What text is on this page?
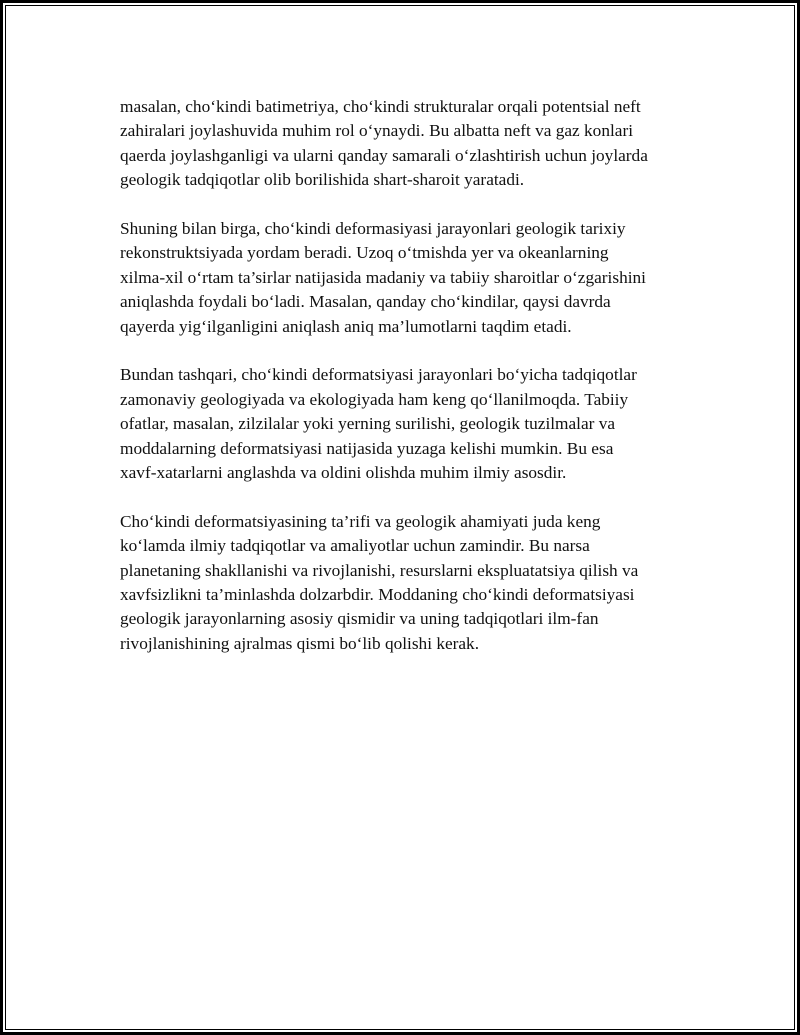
masalan, cho‘kindi batimetriya, cho‘kindi strukturalar orqali potentsial neft
zahiralari joylashuvida muhim rol o‘ynaydi. Bu albatta neft va gaz konlari
qaerda joylashganligi va ularni qanday samarali o‘zlashtirish uchun joylarda
geologik tadqiqotlar olib borilishida shart-sharoit yaratadi.

Shuning bilan birga, cho‘kindi deformasiyasi jarayonlari geologik tarixiy
rekonstruktsiyada yordam beradi. Uzoq o‘tmishda yer va okeanlarning
xilma-xil o‘rtam ta’sirlar natijasida madaniy va tabiiy sharoitlar o‘zgarishini
aniqlashda foydali bo‘ladi. Masalan, qanday cho‘kindilar, qaysi davrda
qayerda yig‘ilganligini aniqlash aniq ma’lumotlarni taqdim etadi.

Bundan tashqari, cho‘kindi deformatsiyasi jarayonlari bo‘yicha tadqiqotlar
zamonaviy geologiyada va ekologiyada ham keng qo‘llanilmoqda. Tabiiy
ofatlar, masalan, zilzilalar yoki yerning surilishi, geologik tuzilmalar va
moddalarning deformatsiyasi natijasida yuzaga kelishi mumkin. Bu esa
xavf-xatarlarni anglashda va oldini olishda muhim ilmiy asosdir.

Cho‘kindi deformatsiyasining ta’rifi va geologik ahamiyati juda keng
ko‘lamda ilmiy tadqiqotlar va amaliyotlar uchun zamindir. Bu narsa
planetaning shakllanishi va rivojlanishi, resurslarni ekspluatatsiya qilish va
xavfsizlikni ta’minlashda dolzarbdir. Moddaning cho‘kindi deformatsiyasi
geologik jarayonlarning asosiy qismidir va uning tadqiqotlari ilm-fan
rivojlanishining ajralmas qismi bo‘lib qolishi kerak.
